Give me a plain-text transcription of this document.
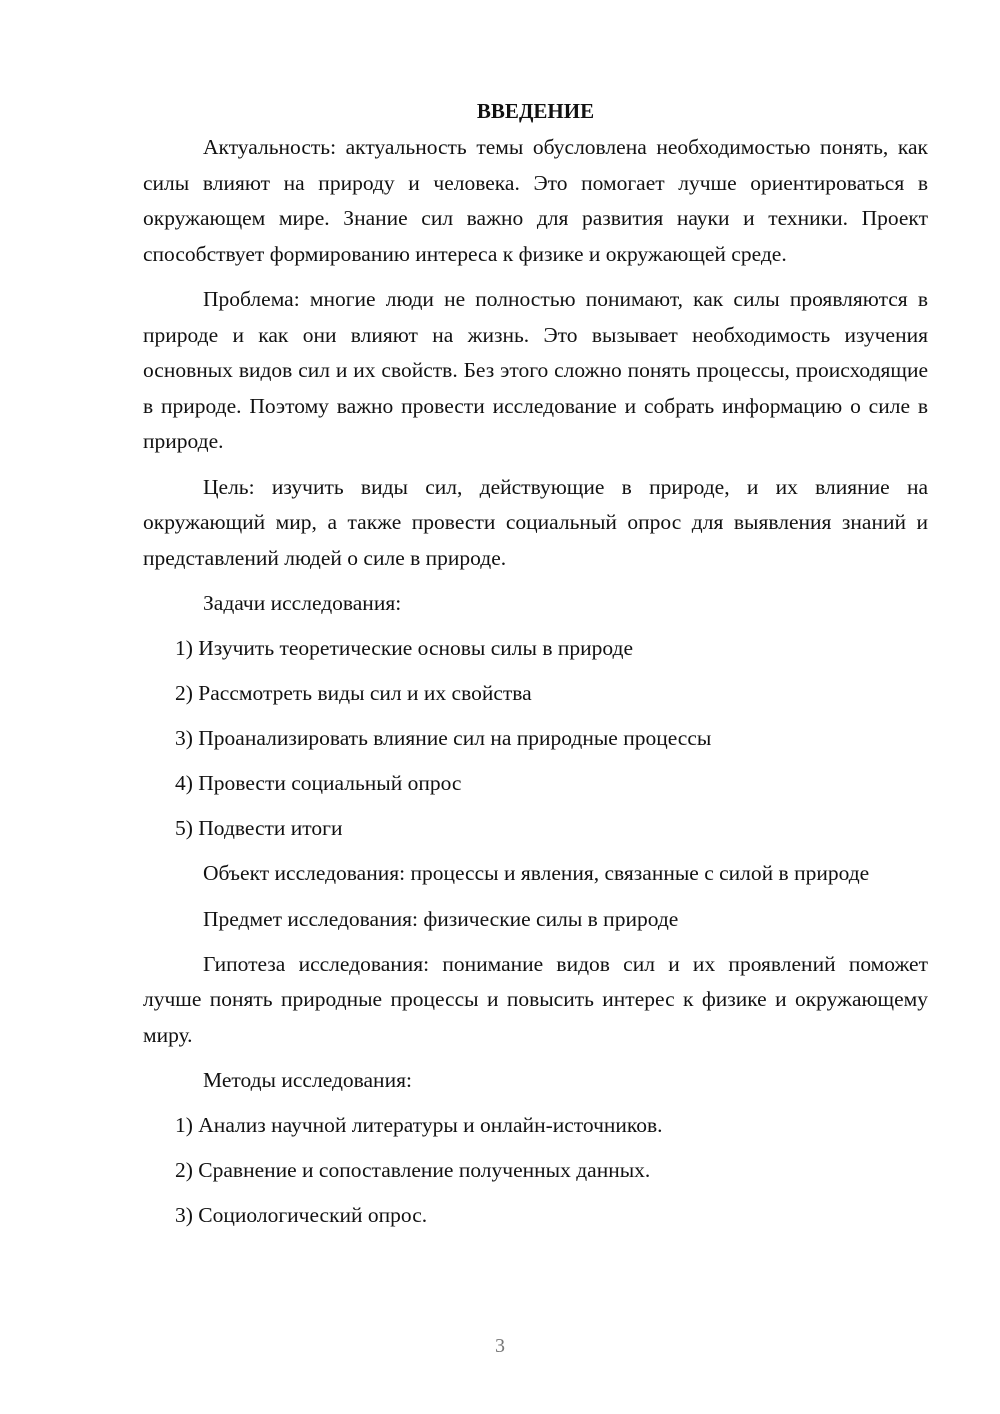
ВВЕДЕНИЕ
Актуальность: актуальность темы обусловлена необходимостью понять, как силы влияют на природу и человека. Это помогает лучше ориентироваться в окружающем мире. Знание сил важно для развития науки и техники. Проект способствует формированию интереса к физике и окружающей среде.
Проблема: многие люди не полностью понимают, как силы проявляются в природе и как они влияют на жизнь. Это вызывает необходимость изучения основных видов сил и их свойств. Без этого сложно понять процессы, происходящие в природе. Поэтому важно провести исследование и собрать информацию о силе в природе.
Цель: изучить виды сил, действующие в природе, и их влияние на окружающий мир, а также провести социальный опрос для выявления знаний и представлений людей о силе в природе.
Задачи исследования:
1) Изучить теоретические основы силы в природе
2) Рассмотреть виды сил и их свойства
3) Проанализировать влияние сил на природные процессы
4) Провести социальный опрос
5) Подвести итоги
Объект исследования: процессы и явления, связанные с силой в природе
Предмет исследования: физические силы в природе
Гипотеза исследования: понимание видов сил и их проявлений поможет лучше понять природные процессы и повысить интерес к физике и окружающему миру.
Методы исследования:
1) Анализ научной литературы и онлайн-источников.
2) Сравнение и сопоставление полученных данных.
3) Социологический опрос.
3
